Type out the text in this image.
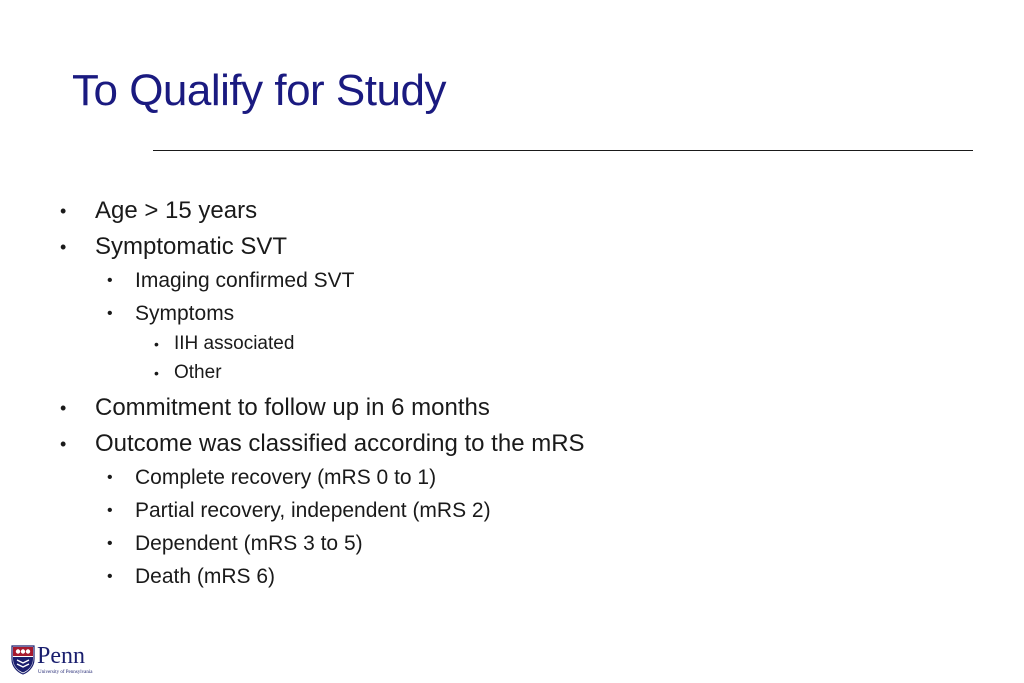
To Qualify for Study
• Age > 15 years
• Symptomatic SVT
• Imaging confirmed SVT
• Symptoms
• IIH associated
• Other
• Commitment to follow up in 6 months
• Outcome was classified according to the mRS
• Complete recovery (mRS 0 to 1)
• Partial recovery, independent (mRS 2)
• Dependent (mRS 3 to 5)
• Death (mRS 6)
Penn
University of Pennsylvania
